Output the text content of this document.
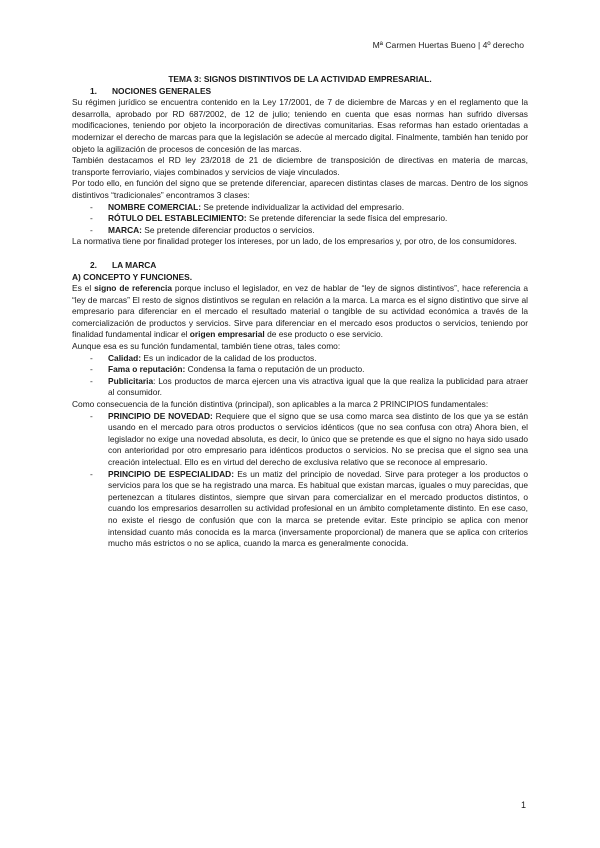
Mª Carmen Huertas Bueno | 4º derecho

TEMA 3: SIGNOS DISTINTIVOS DE LA ACTIVIDAD EMPRESARIAL.

1. NOCIONES GENERALES

Su régimen jurídico se encuentra contenido en la Ley 17/2001, de 7 de diciembre de Marcas y en el reglamento que la desarrolla, aprobado por RD 687/2002, de 12 de julio; teniendo en cuenta que esas normas han sufrido diversas modificaciones, teniendo por objeto la incorporación de directivas comunitarias. Esas reformas han estado orientadas a modernizar el derecho de marcas para que la legislación se adecúe al mercado digital. Finalmente, también han tenido por objeto la agilización de procesos de concesión de las marcas.

También destacamos el RD ley 23/2018 de 21 de diciembre de transposición de directivas en materia de marcas, transporte ferroviario, viajes combinados y servicios de viaje vinculados.

Por todo ello, en función del signo que se pretende diferenciar, aparecen distintas clases de marcas. Dentro de los signos distintivos “tradicionales” encontramos 3 clases:

- NOMBRE COMERCIAL: Se pretende individualizar la actividad del empresario.
- RÓTULO DEL ESTABLECIMIENTO: Se pretende diferenciar la sede física del empresario.
- MARCA: Se pretende diferenciar productos o servicios.

La normativa tiene por finalidad proteger los intereses, por un lado, de los empresarios y, por otro, de los consumidores.

2. LA MARCA

A) CONCEPTO Y FUNCIONES.

Es el signo de referencia porque incluso el legislador, en vez de hablar de “ley de signos distintivos”, hace referencia a “ley de marcas” El resto de signos distintivos se regulan en relación a la marca. La marca es el signo distintivo que sirve al empresario para diferenciar en el mercado el resultado material o tangible de su actividad económica a través de la comercialización de productos y servicios. Sirve para diferenciar en el mercado esos productos o servicios, teniendo por finalidad fundamental indicar el origen empresarial de ese producto o ese servicio.

Aunque esa es su función fundamental, también tiene otras, tales como:

- Calidad: Es un indicador de la calidad de los productos.
- Fama o reputación: Condensa la fama o reputación de un producto.
- Publicitaria: Los productos de marca ejercen una vis atractiva igual que la que realiza la publicidad para atraer al consumidor.

Como consecuencia de la función distintiva (principal), son aplicables a la marca 2 PRINCIPIOS fundamentales:

- PRINCIPIO DE NOVEDAD: Requiere que el signo que se usa como marca sea distinto de los que ya se están usando en el mercado para otros productos o servicios idénticos (que no sea confusa con otra) Ahora bien, el legislador no exige una novedad absoluta, es decir, lo único que se pretende es que el signo no haya sido usado con anterioridad por otro empresario para idénticos productos o servicios. No se precisa que el signo sea una creación intelectual. Ello es en virtud del derecho de exclusiva relativo que se reconoce al empresario.
- PRINCIPIO DE ESPECIALIDAD: Es un matiz del principio de novedad. Sirve para proteger a los productos o servicios para los que se ha registrado una marca. Es habitual que existan marcas, iguales o muy parecidas, que pertenezcan a titulares distintos, siempre que sirvan para comercializar en el mercado productos distintos, o cuando los empresarios desarrollen su actividad profesional en un ámbito completamente distinto. En ese caso, no existe el riesgo de confusión que con la marca se pretende evitar. Este principio se aplica con menor intensidad cuanto más conocida es la marca (inversamente proporcional) de manera que se aplica con criterios mucho más estrictos o no se aplica, cuando la marca es generalmente conocida.
1
